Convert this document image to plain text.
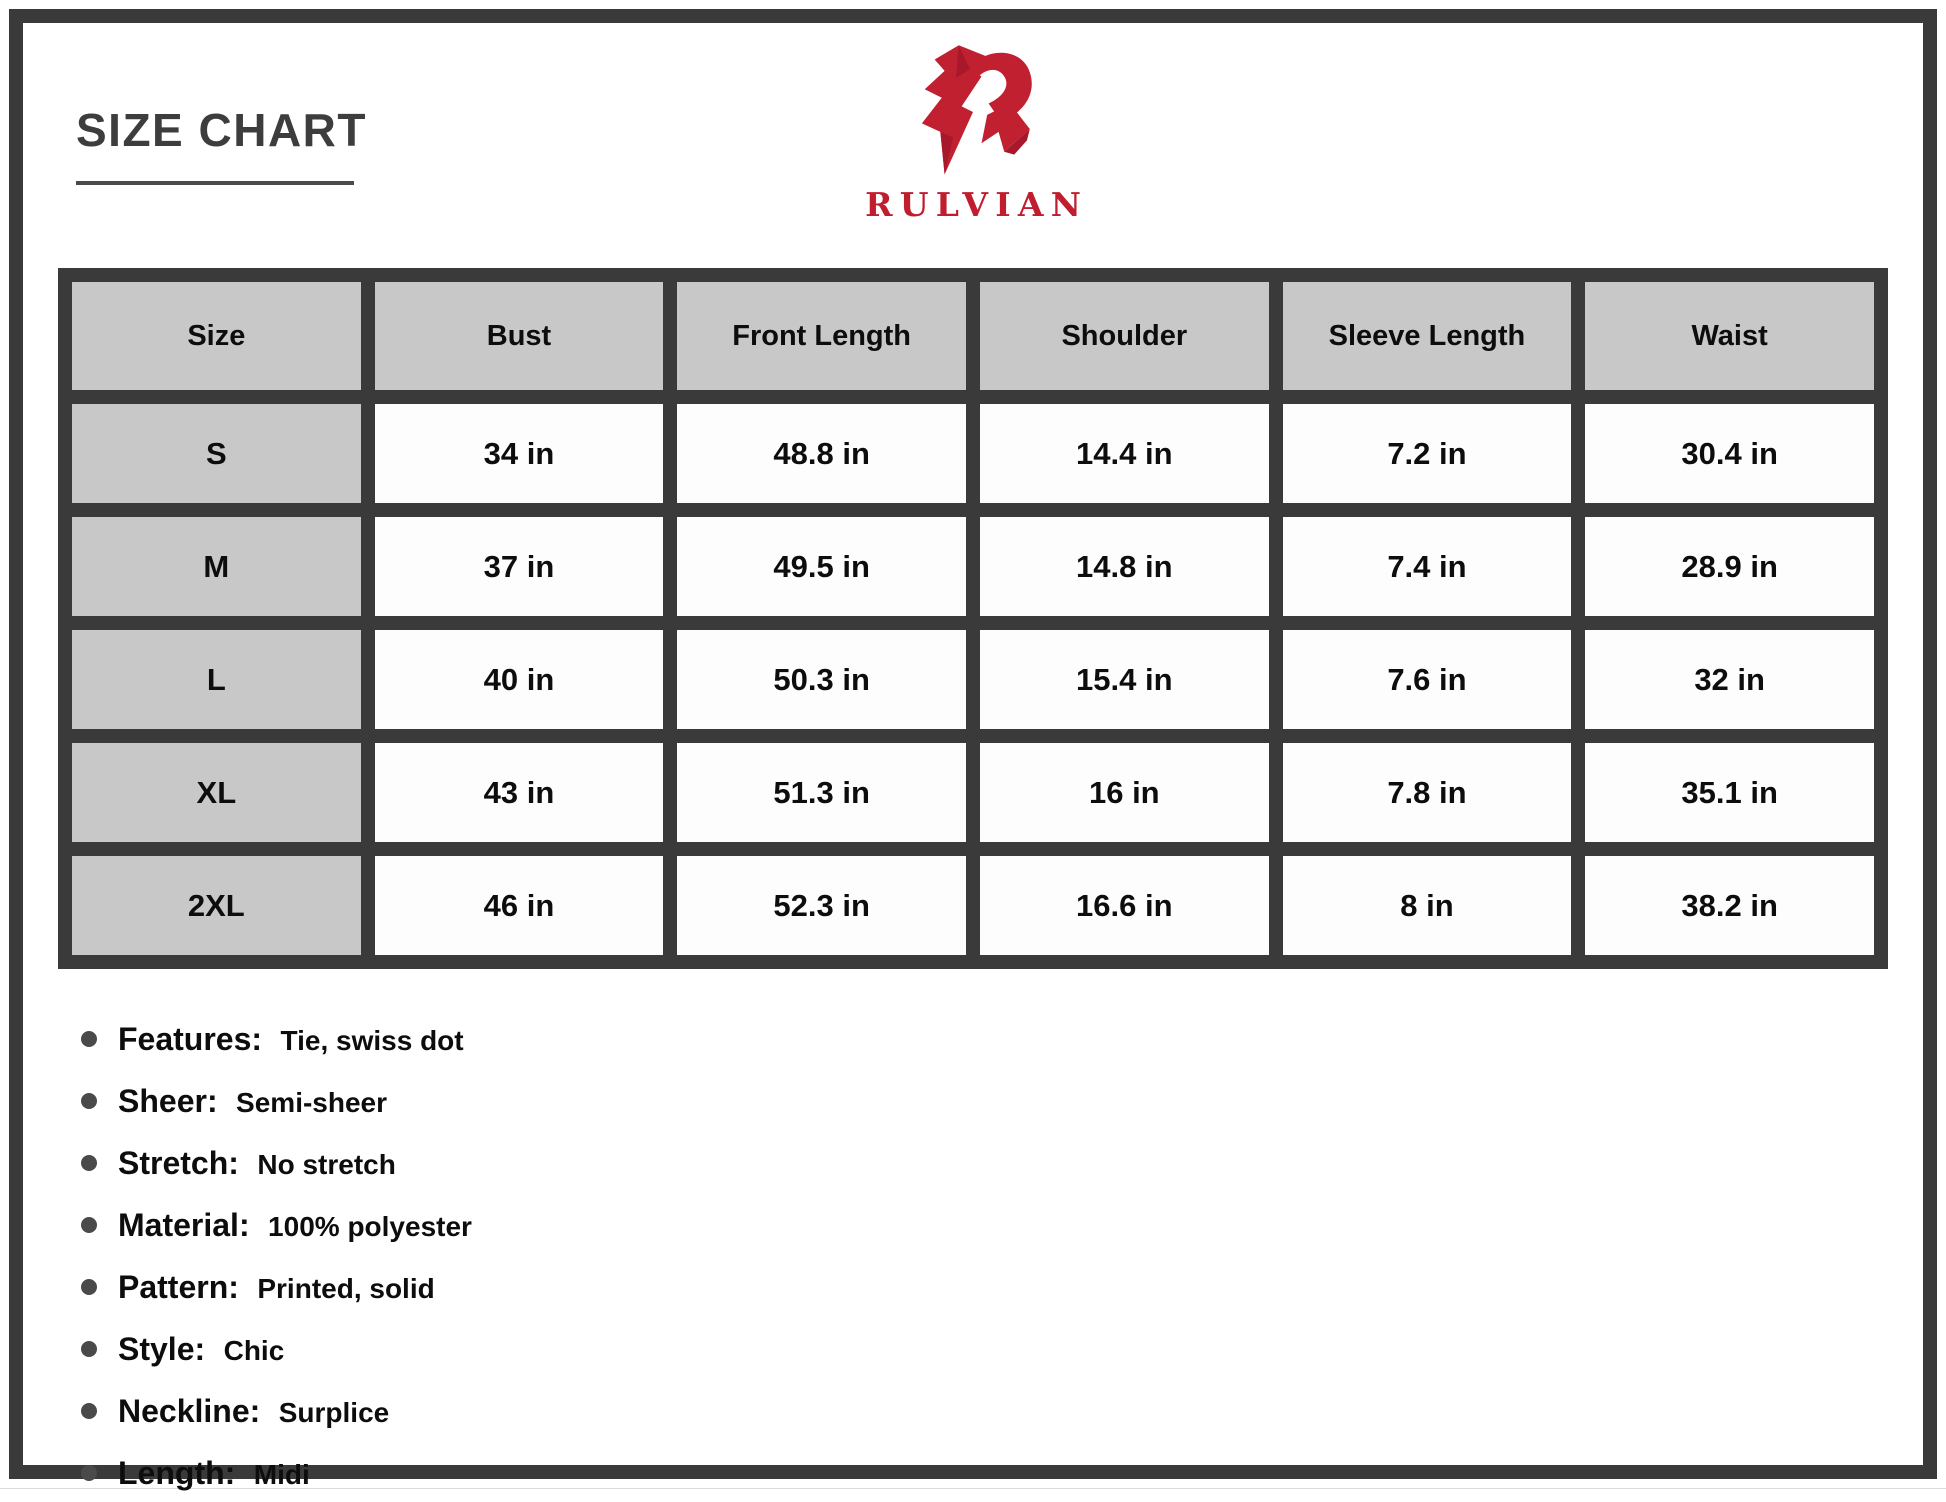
SIZE CHART
RULVIAN
Size	Bust	Front Length	Shoulder	Sleeve Length	Waist
S	34 in	48.8 in	14.4 in	7.2 in	30.4 in
M	37 in	49.5 in	14.8 in	7.4 in	28.9 in
L	40 in	50.3 in	15.4 in	7.6 in	32 in
XL	43 in	51.3 in	16 in	7.8 in	35.1 in
2XL	46 in	52.3 in	16.6 in	8 in	38.2 in
Features: Tie, swiss dot
Sheer: Semi-sheer
Stretch: No stretch
Material: 100% polyester
Pattern: Printed, solid
Style: Chic
Neckline: Surplice
Length: Midi
